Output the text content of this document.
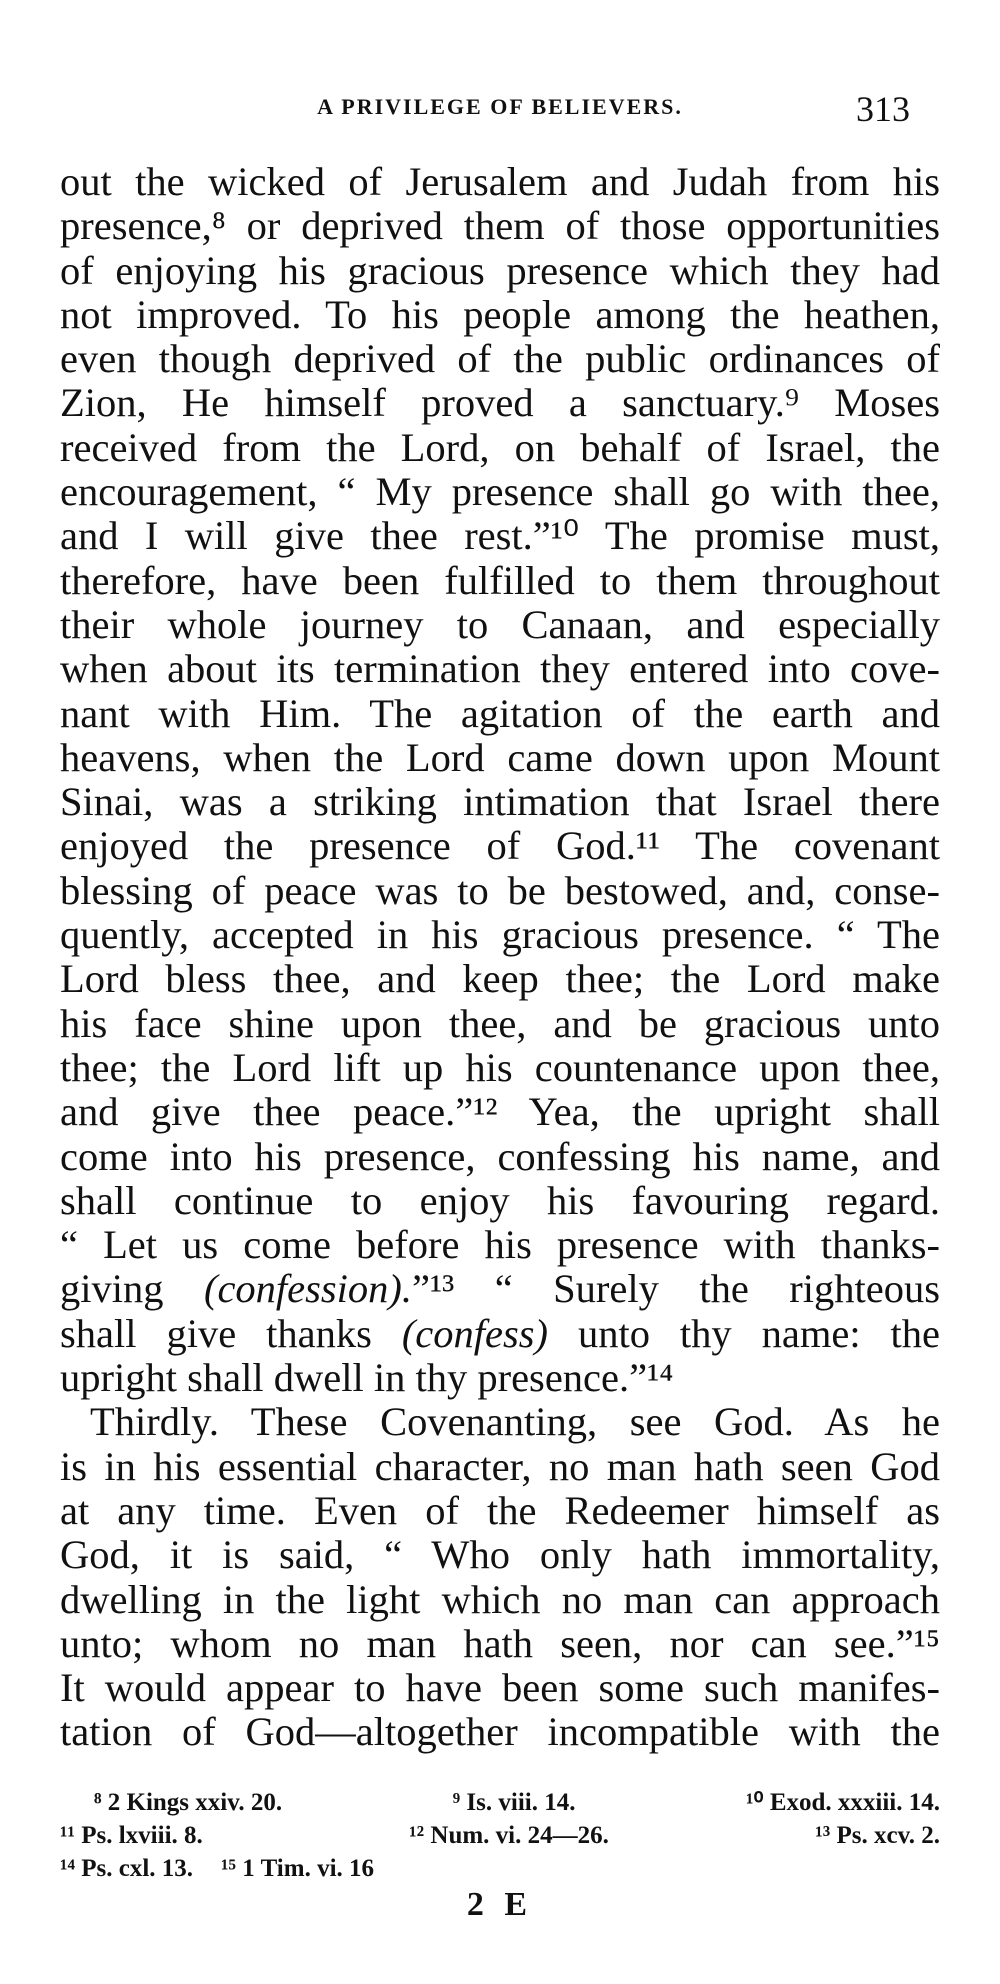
A PRIVILEGE OF BELIEVERS.	313
out the wicked of Jerusalem and Judah from his
presence,⁸ or deprived them of those opportunities
of enjoying his gracious presence which they had
not improved. To his people among the heathen,
even though deprived of the public ordinances of
Zion, He himself proved a sanctuary.⁹ Moses
received from the Lord, on behalf of Israel, the
encouragement, “ My presence shall go with thee,
and I will give thee rest.”¹⁰ The promise must,
therefore, have been fulfilled to them throughout
their whole journey to Canaan, and especially
when about its termination they entered into cove-
nant with Him. The agitation of the earth and
heavens, when the Lord came down upon Mount
Sinai, was a striking intimation that Israel there
enjoyed the presence of God.¹¹ The covenant
blessing of peace was to be bestowed, and, conse-
quently, accepted in his gracious presence. “ The
Lord bless thee, and keep thee; the Lord make
his face shine upon thee, and be gracious unto
thee; the Lord lift up his countenance upon thee,
and give thee peace.”¹² Yea, the upright shall
come into his presence, confessing his name, and
shall continue to enjoy his favouring regard.
“ Let us come before his presence with thanks-
giving (confession).”¹³ “ Surely the righteous
shall give thanks (confess) unto thy name: the
upright shall dwell in thy presence.”¹⁴
Thirdly. These Covenanting, see God. As he
is in his essential character, no man hath seen God
at any time. Even of the Redeemer himself as
God, it is said, “ Who only hath immortality,
dwelling in the light which no man can approach
unto; whom no man hath seen, nor can see.”¹⁵
It would appear to have been some such manifes-
tation of God—altogether incompatible with the
⁸ 2 Kings xxiv. 20.	⁹ Is. viii. 14.	¹⁰ Exod. xxxiii. 14.
¹¹ Ps. lxviii. 8.	¹² Num. vi. 24—26.	¹³ Ps. xcv. 2.
¹⁴ Ps. cxl. 13. ¹⁵ 1 Tim. vi. 16
2 E
